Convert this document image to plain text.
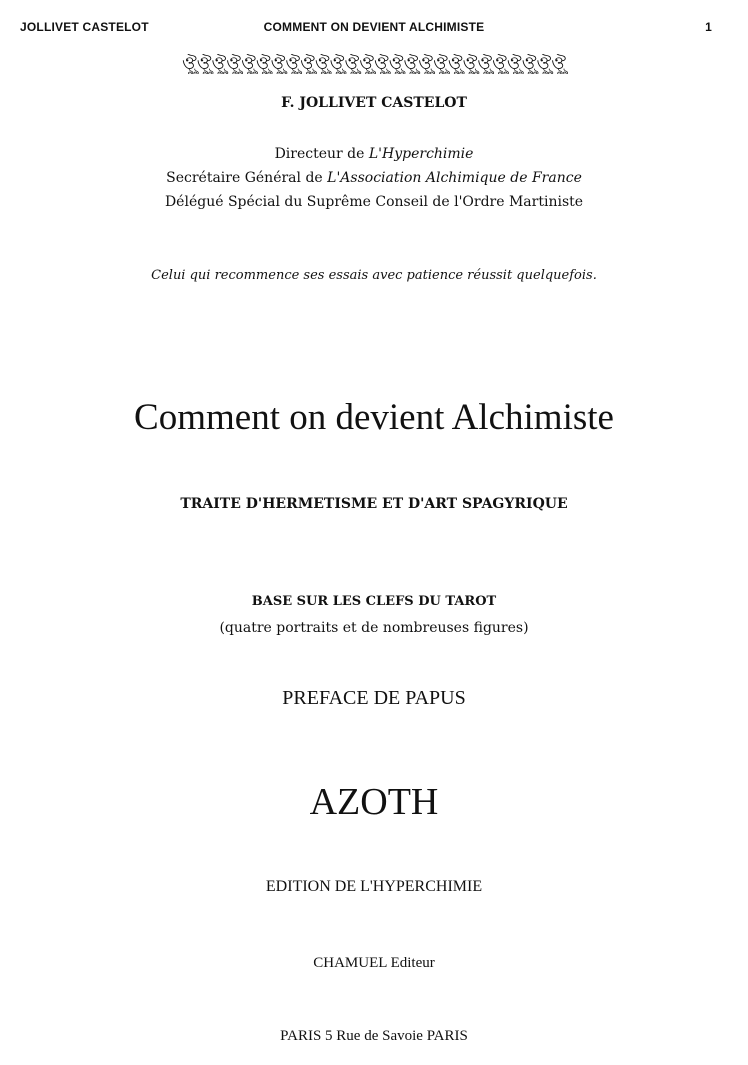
JOLLIVET CASTELOT	COMMENT ON DEVIENT ALCHIMISTE	1
ঔৣঔৣঔৣঔৣঔৣঔৣঔৣঔৣঔৣঔৣঔৣঔৣঔৣঔৣঔৣঔৣঔৣঔৣঔৣঔৣঔৣঔৣঔৣঔৣঔৣঔৣ
F. JOLLIVET CASTELOT
Directeur de L'Hyperchimie
Secrétaire Général de L'Association Alchimique de France
Délégué Spécial du Suprême Conseil de l'Ordre Martiniste
Celui qui recommence ses essais avec patience réussit quelquefois.
Comment on devient Alchimiste
TRAITE D'HERMETISME ET D'ART SPAGYRIQUE
BASE SUR LES CLEFS DU TAROT
(quatre portraits et de nombreuses figures)
PREFACE DE PAPUS
AZOTH
EDITION DE L'HYPERCHIMIE
CHAMUEL Editeur
PARIS 5 Rue de Savoie PARIS
